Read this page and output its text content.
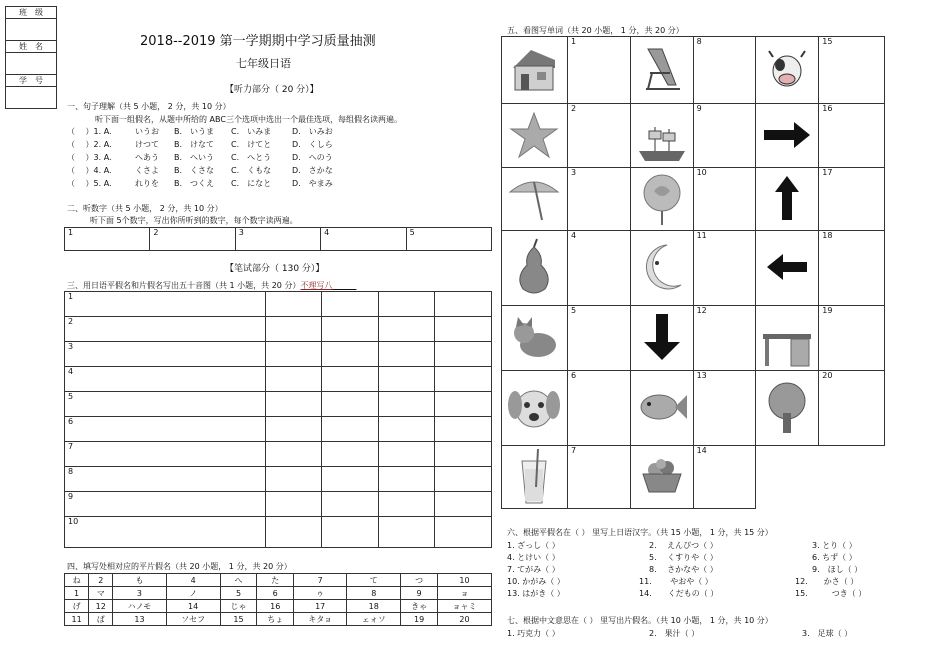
班　级

姓　名

学　号

2018--2019 第一学期期中学习质量抽测
七年级日语
【听力部分（ 20 分）】
一、句子理解（共 5 小题， 2 分，共 10 分）
听下面一组假名，从题中所给的 ABC三个选项中选出一个最佳选项，每组假名读两遍。
（　 ）1. A.	いうお B.　いうま C.　いみま	D.　いみお
（　 ）2. A.	けつて B.　けなて C.　けてと	D.　くしら
（　 ）3. A.	へあう B.　へいう C.　へとう	D.　へのう
（　 ）4. A.	くさよ B.　くさな C.　くもな	D.　さかな
（　 ）5. A.	れりを B.　つくえ C.　になと	D.　やまみ
二、听数字（共 5 小题， 2 分，共 10 分）
听下面 5个数字，写出你所听到的数字，每个数字读两遍。
1	2	3	4	5
【笔试部分（ 130 分）】
三、用日语平假名和片假名写出五十音图（共 1 小题，共 20 分）不理写八　　　
1				
2				
3				
4				
5				
6				
7				
8				
9				
10				
四、填写处相对应的平片假名（共 20 小题， 1 分，共 20 分）
ね	2	も	4	へ	た	7	て	つ	10
1	マ	3	ノ	5	6	ゥ	8	9	ョ
げ	12	ハノモ	14	じゃ	16	17	18	きゃ	ョャミ
11	ぱ	13	ソセフ	15	ちょ	キタョ	ェォソ	19	20
五、看图写单词（共 20 小题， 1 分，共 20 分）
	1		8		15
	2		9		16
	3		10		17
	4		11		18
	5		12		19
	6		13		20
	7		14		
六、根据平假名在（ ） 里写上日语汉字。（共 15 小题， 1 分，共 15 分）
1. ざっし（ ）	2.　 えんぴつ（ ）	3. とり（ ）
4. とけい（ ）	5.　 くすりや（ ）	6. ちず（ ）
7. てがみ（ ）	8.　 さかなや（ ）	9.　ほし（ ）
10. かがみ（ ）	11.　　 やおや（ ）	12.　　かさ（ ）
13. はがき（ ）	14.　　くだもの（ ）	15.　　　つき（ ）
七、根据中文意思在（ ） 里写出片假名。（共 10 小题， 1 分，共 10 分）
1. 巧克力（ ）	2.　果汁（ ）	3.　足球（ ）
